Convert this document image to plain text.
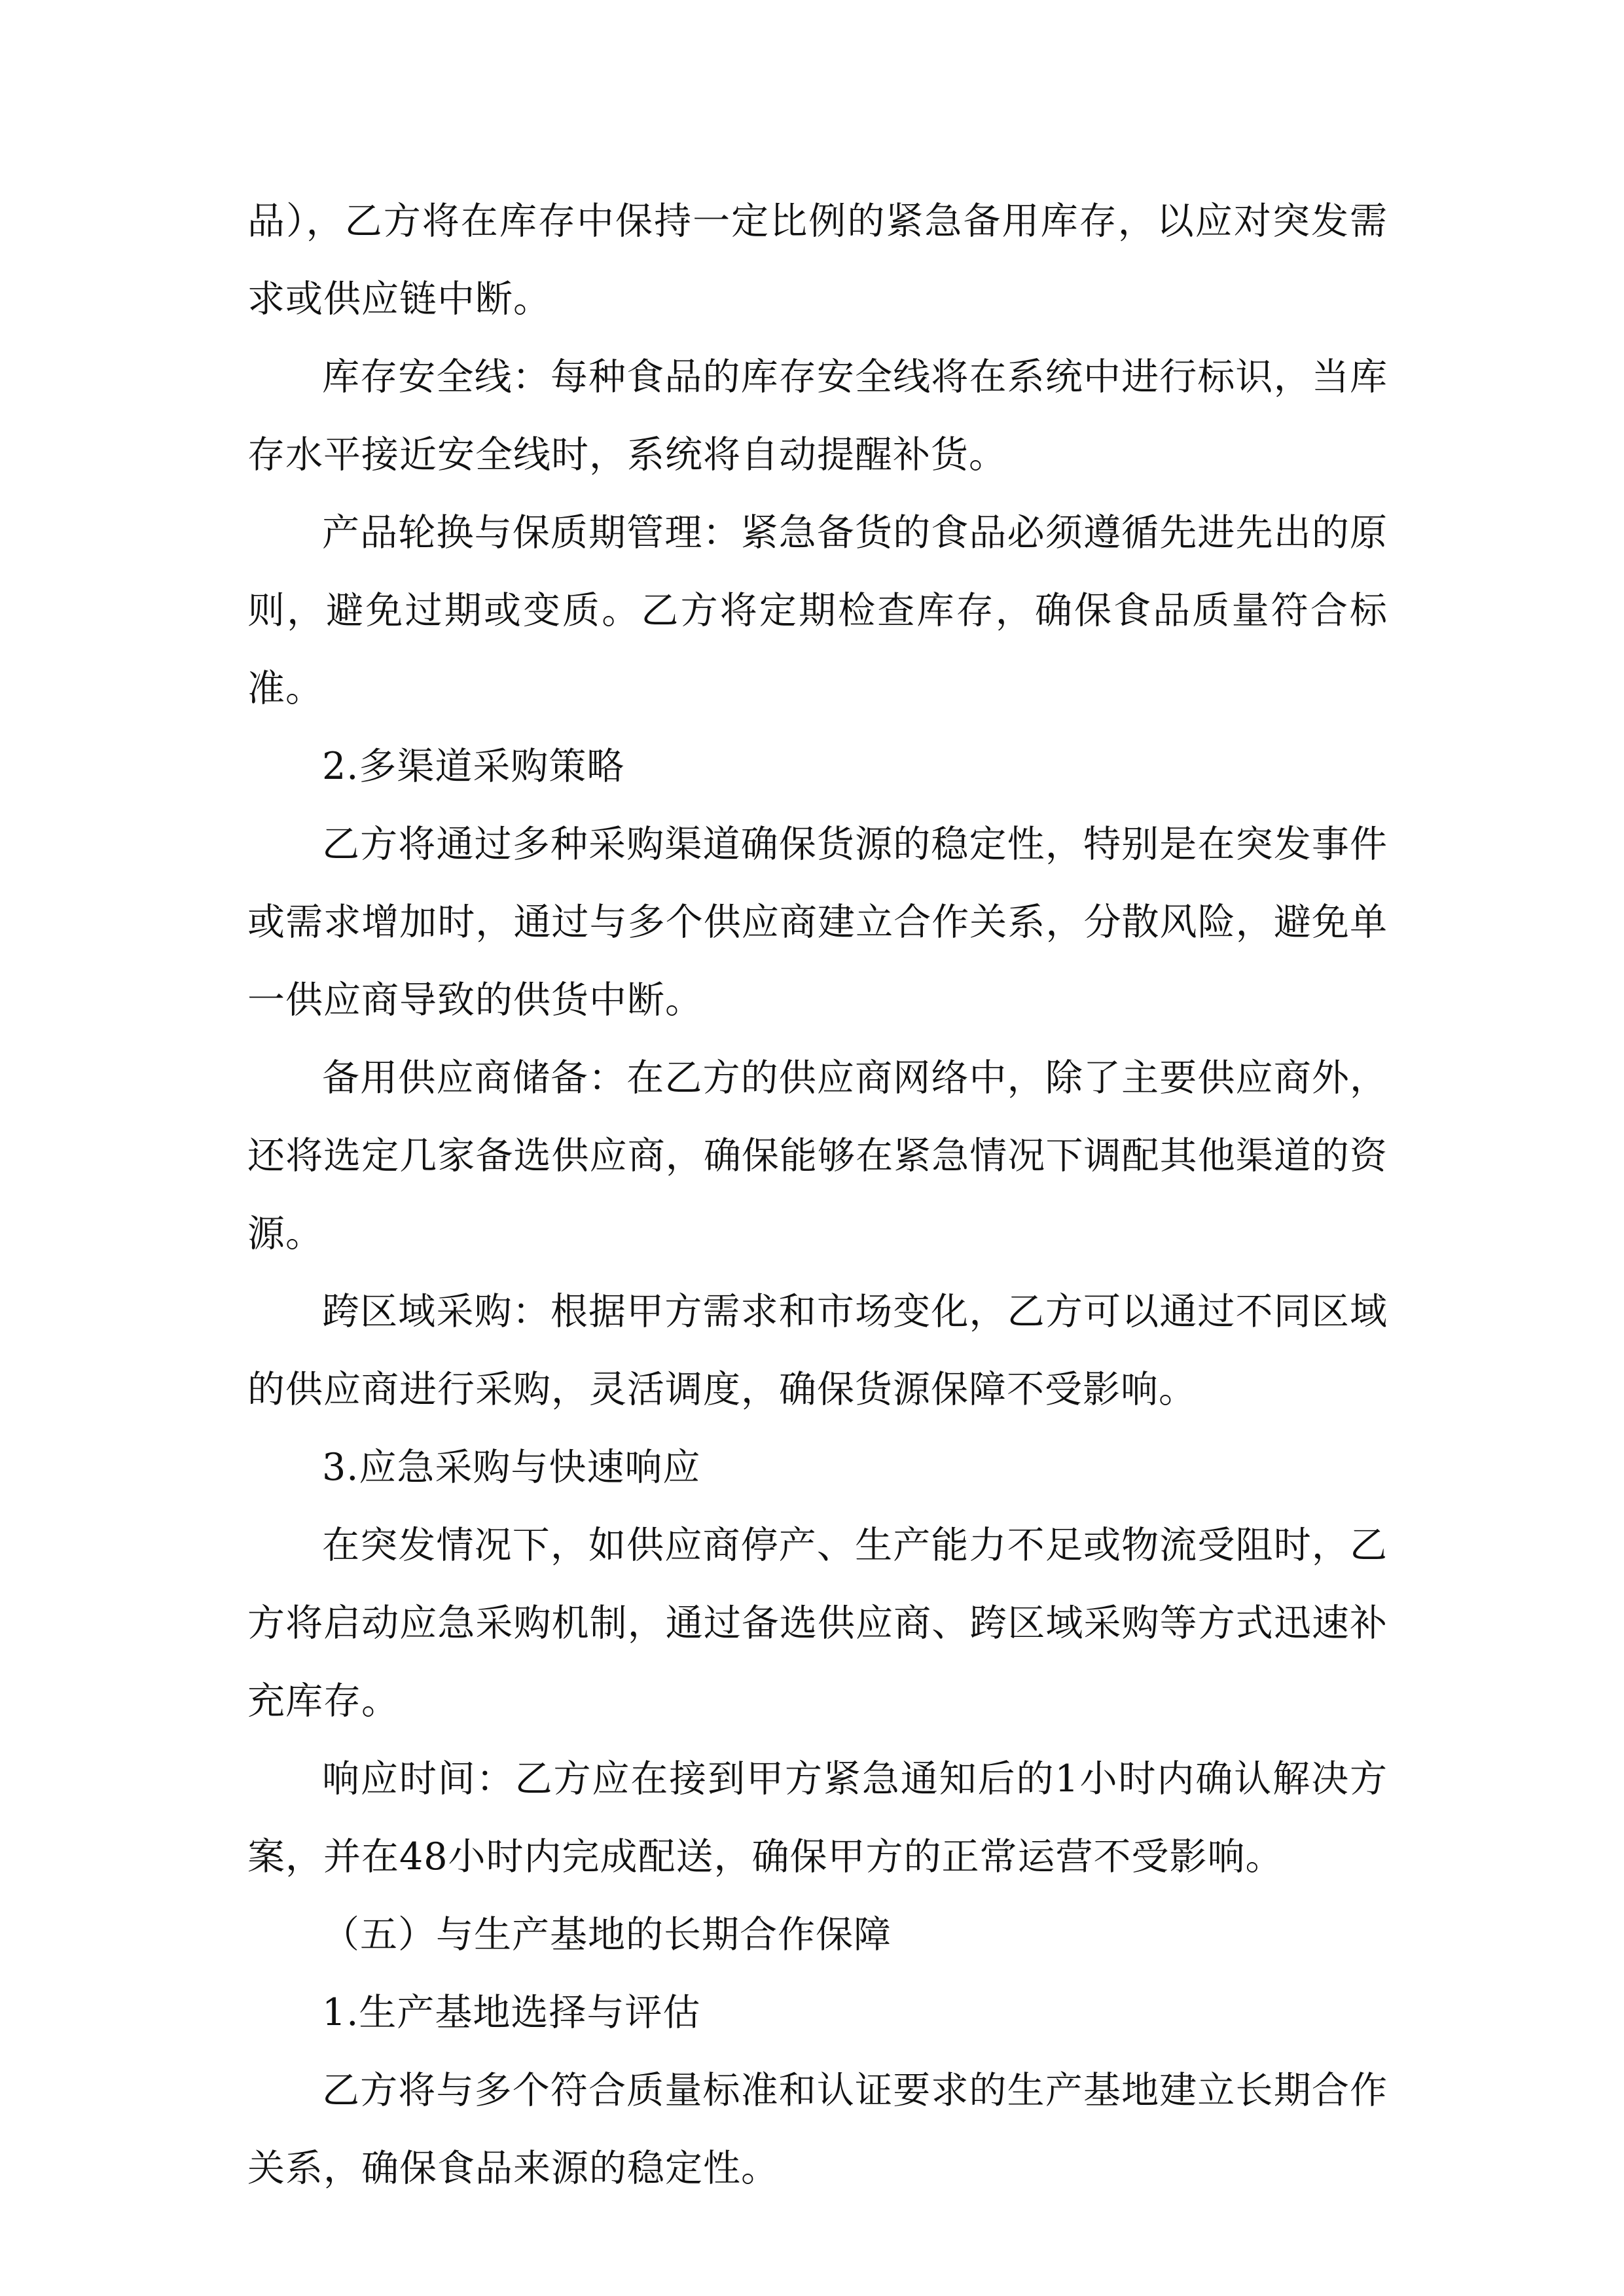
品），乙方将在库存中保持一定比例的紧急备用库存，以应对突发需求或供应链中断。

库存安全线：每种食品的库存安全线将在系统中进行标识，当库存水平接近安全线时，系统将自动提醒补货。

产品轮换与保质期管理：紧急备货的食品必须遵循先进先出的原则，避免过期或变质。乙方将定期检查库存，确保食品质量符合标准。

2.多渠道采购策略

乙方将通过多种采购渠道确保货源的稳定性，特别是在突发事件或需求增加时，通过与多个供应商建立合作关系，分散风险，避免单一供应商导致的供货中断。

备用供应商储备：在乙方的供应商网络中，除了主要供应商外，还将选定几家备选供应商，确保能够在紧急情况下调配其他渠道的资源。

跨区域采购：根据甲方需求和市场变化，乙方可以通过不同区域的供应商进行采购，灵活调度，确保货源保障不受影响。

3.应急采购与快速响应

在突发情况下，如供应商停产、生产能力不足或物流受阻时，乙方将启动应急采购机制，通过备选供应商、跨区域采购等方式迅速补充库存。

响应时间：乙方应在接到甲方紧急通知后的1小时内确认解决方案，并在48小时内完成配送，确保甲方的正常运营不受影响。

（五）与生产基地的长期合作保障

1.生产基地选择与评估

乙方将与多个符合质量标准和认证要求的生产基地建立长期合作关系，确保食品来源的稳定性。
